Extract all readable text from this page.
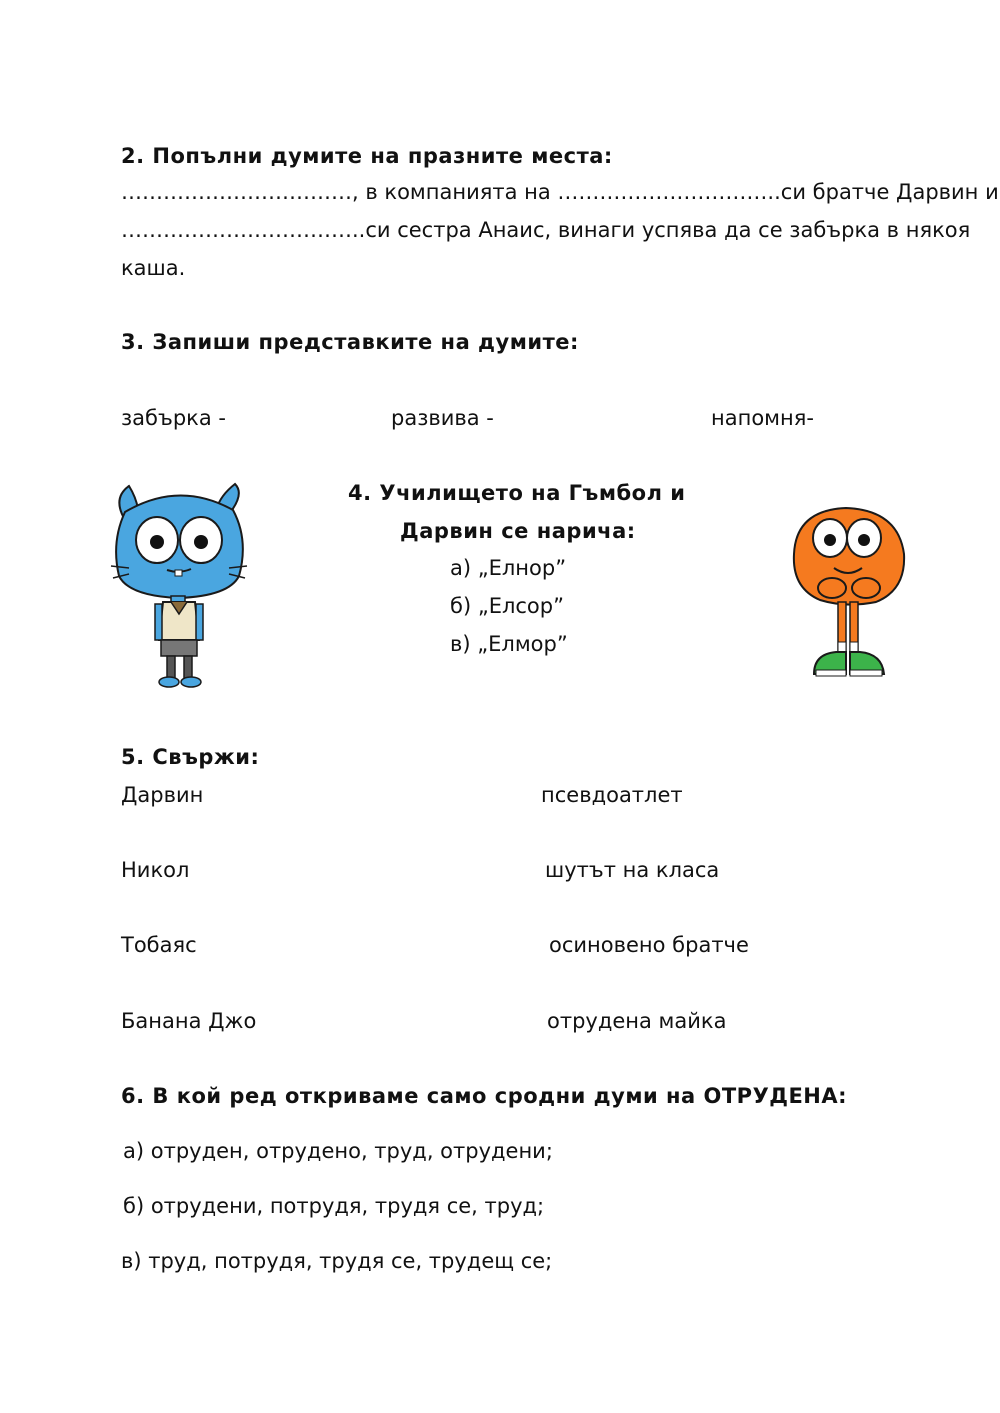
2. Попълни думите на празните места:
……………………………, в компанията на …………………………..си братче Дарвин и
……………………………..си сестра Анаис, винаги успява да се забърка в някоя
каша.
3. Запиши представките на думите:
забърка -	развива -	напомня-
4. Училището на Гъмбол и
Дарвин се нарича:
а) „Елнор”
б) „Елсор”
в) „Елмор”
5. Свържи:
Дарвин
Никол
Тобаяс
Банана Джо
псевдоатлет
шутът на класа
осиновено братче
отрудена майка
6. В кой ред откриваме само сродни думи на ОТРУДЕНА:
а) отруден, отрудено, труд, отрудени;
б) отрудени, потрудя, трудя се, труд;
в) труд, потрудя, трудя се, трудещ се;
